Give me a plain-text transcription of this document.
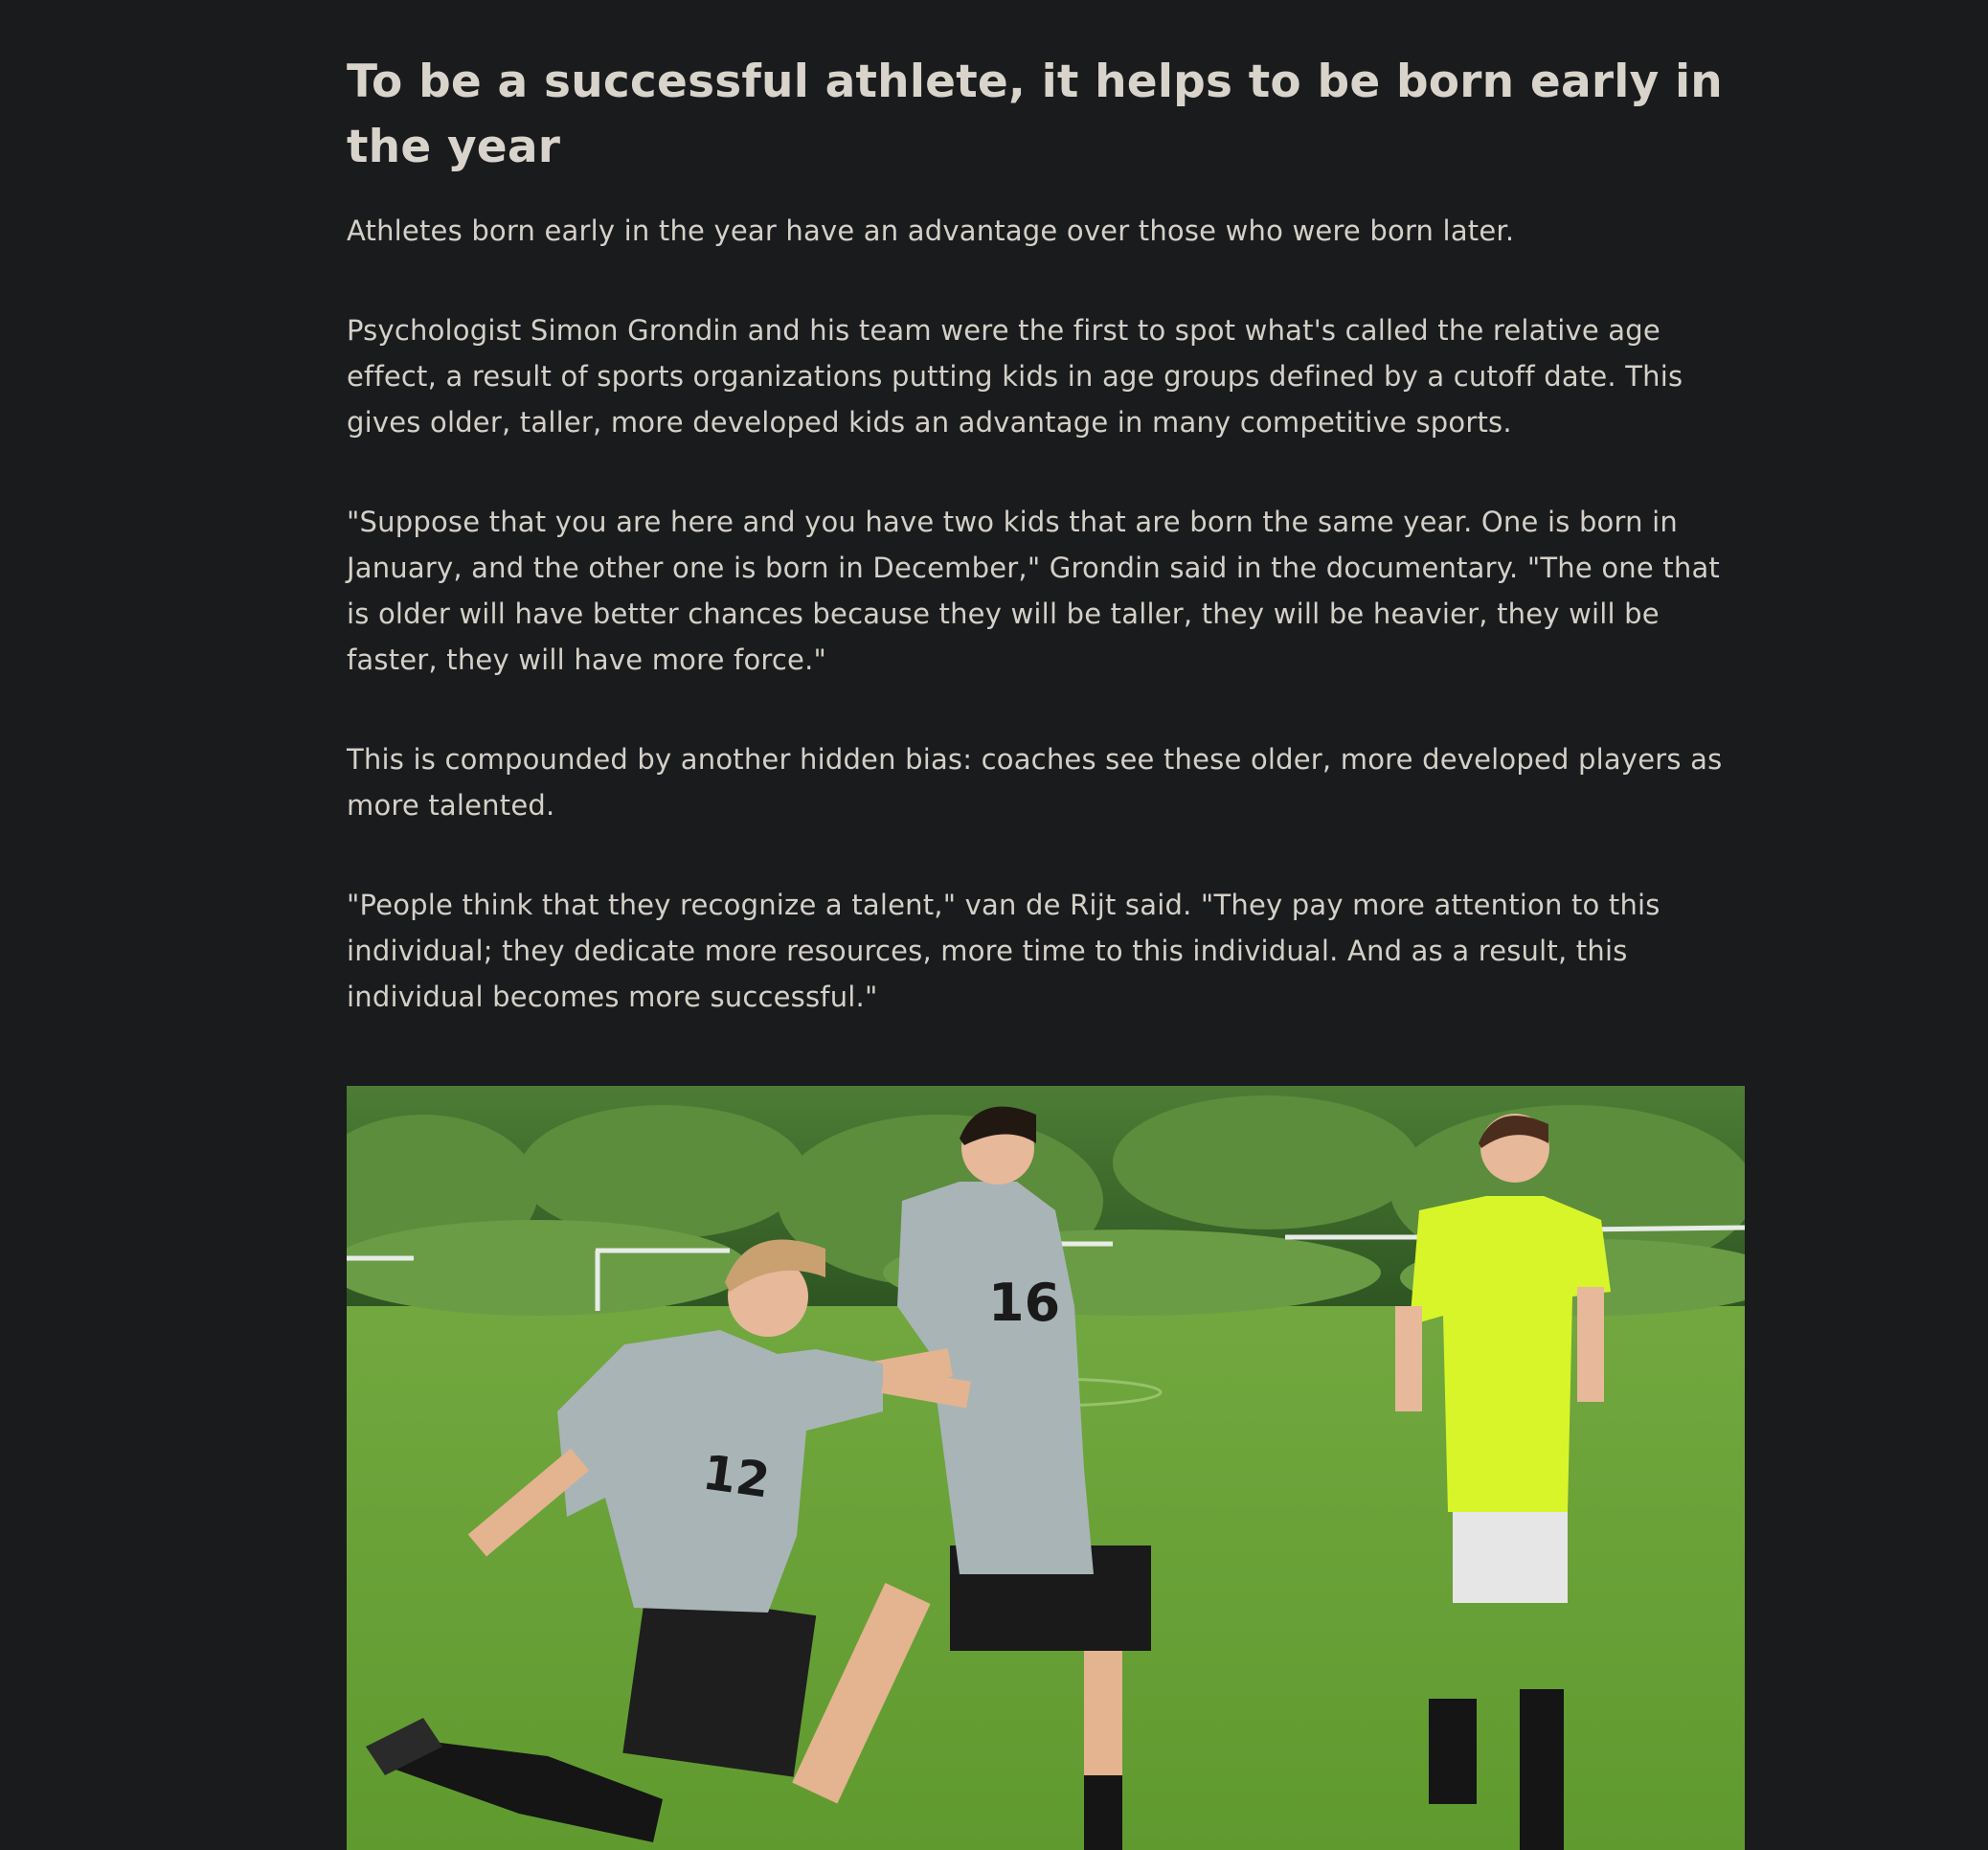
To be a successful athlete, it helps to be born early in the year

Athletes born early in the year have an advantage over those who were born later.

Psychologist Simon Grondin and his team were the first to spot what's called the relative age effect, a result of sports organizations putting kids in age groups defined by a cutoff date. This gives older, taller, more developed kids an advantage in many competitive sports.

"Suppose that you are here and you have two kids that are born the same year. One is born in January, and the other one is born in December," Grondin said in the documentary. "The one that is older will have better chances because they will be taller, they will be heavier, they will be faster, they will have more force."

This is compounded by another hidden bias: coaches see these older, more developed players as more talented.

"People think that they recognize a talent," van de Rijt said. "They pay more attention to this individual; they dedicate more resources, more time to this individual. And as a result, this individual becomes more successful."

16
12
